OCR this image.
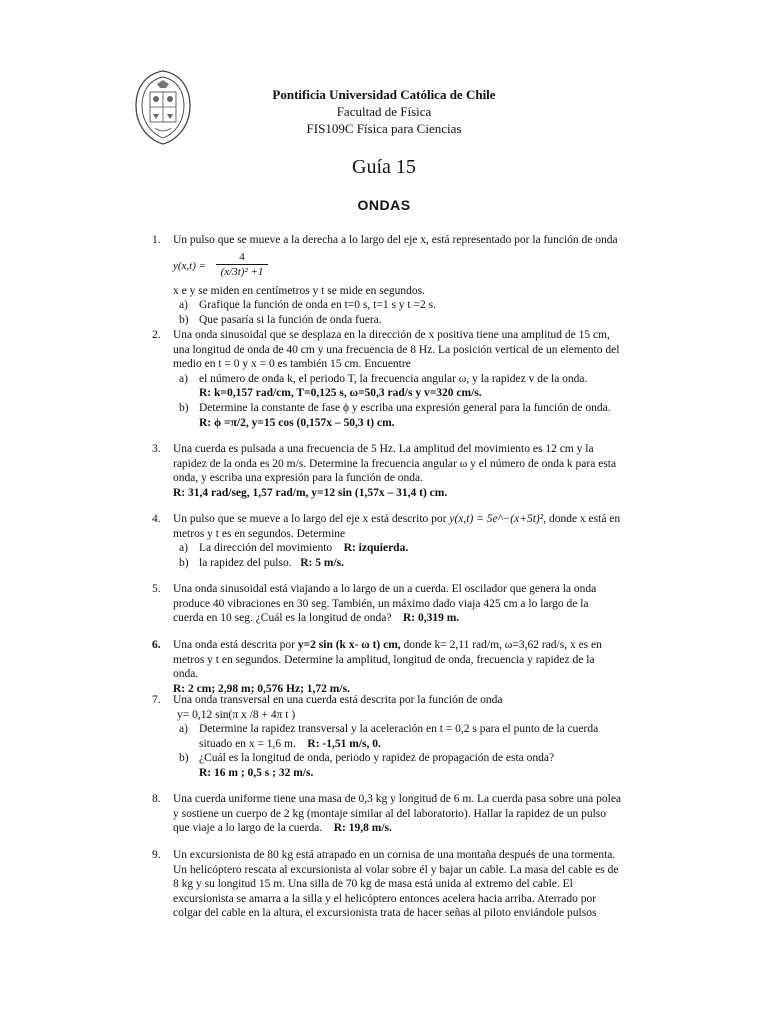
Pontificia Universidad Católica de Chile
Facultad de Física
FIS109C Física para Ciencias
Guía 15
ONDAS
1. Un pulso que se mueve a la derecha a lo largo del eje x, está representado por la función de onda
y(x,t) =
4
(x/3t)² +1
x e y se miden en centímetros y t se mide en segundos.
a) Grafique la función de onda en t=0 s, t=1 s y t =2 s.
b) Que pasaría si la función de onda fuera.
2. Una onda sinusoidal que se desplaza en la dirección de x positiva tiene una amplitud de 15 cm, una longitud de onda de 40 cm y una frecuencia de 8 Hz. La posición vertical de un elemento del medio en t = 0 y x = 0 es también 15 cm. Encuentre
a) el número de onda k, el periodo T, la frecuencia angular ω, y la rapidez v de la onda.
R: k=0,157 rad/cm, T=0,125 s, ω=50,3 rad/s y v=320 cm/s.
b) Determine la constante de fase ϕ y escriba una expresión general para la función de onda.
R: ϕ =π/2, y=15 cos (0,157x – 50,3 t) cm.
3. Una cuerda es pulsada a una frecuencia de 5 Hz. La amplitud del movimiento es 12 cm y la rapidez de la onda es 20 m/s. Determine la frecuencia angular ω y el número de onda k para esta onda, y escriba una expresión para la función de onda.
R: 31,4 rad/seg, 1,57 rad/m, y=12 sin (1,57x – 31,4 t) cm.
4. Un pulso que se mueve a lo largo del eje x está descrito por y(x,t) = 5e^−(x+5t)², donde x está en metros y t es en segundos. Determine
a) La dirección del movimiento R: izquierda.
b) la rapidez del pulso. R: 5 m/s.
5. Una onda sinusoidal está viajando a lo largo de un a cuerda. El oscilador que genera la onda produce 40 vibraciones en 30 seg. También, un máximo dado viaja 425 cm a lo largo de la cuerda en 10 seg. ¿Cuál es la longitud de onda? R: 0,319 m.
6. Una onda está descrita por y=2 sin (k x- ω t) cm, donde k= 2,11 rad/m, ω=3,62 rad/s, x es en metros y t en segundos. Determine la amplitud, longitud de onda, frecuencia y rapidez de la onda.
R: 2 cm; 2,98 m; 0,576 Hz; 1,72 m/s.
7. Una onda transversal en una cuerda está descrita por la función de onda
y= 0,12 sin(π x /8 + 4π t )
a) Determine la rapidez transversal y la aceleración en t = 0,2 s para el punto de la cuerda situado en x = 1,6 m. R: -1,51 m/s, 0.
b) ¿Cuál es la longitud de onda, periodo y rapidez de propagación de esta onda?
R: 16 m ; 0,5 s ; 32 m/s.
8. Una cuerda uniforme tiene una masa de 0,3 kg y longitud de 6 m. La cuerda pasa sobre una polea y sostiene un cuerpo de 2 kg (montaje similar al del laboratorio). Hallar la rapidez de un pulso que viaje a lo largo de la cuerda. R: 19,8 m/s.
9. Un excursionista de 80 kg está atrapado en un cornisa de una montaña después de una tormenta. Un helicóptero rescata al excursionista al volar sobre él y bajar un cable. La masa del cable es de 8 kg y su longitud 15 m. Una silla de 70 kg de masa está unida al extremo del cable. El excursionista se amarra a la silla y el helicóptero entonces acelera hacia arriba. Aterrado por colgar del cable en la altura, el excursionista trata de hacer señas al piloto enviándole pulsos
